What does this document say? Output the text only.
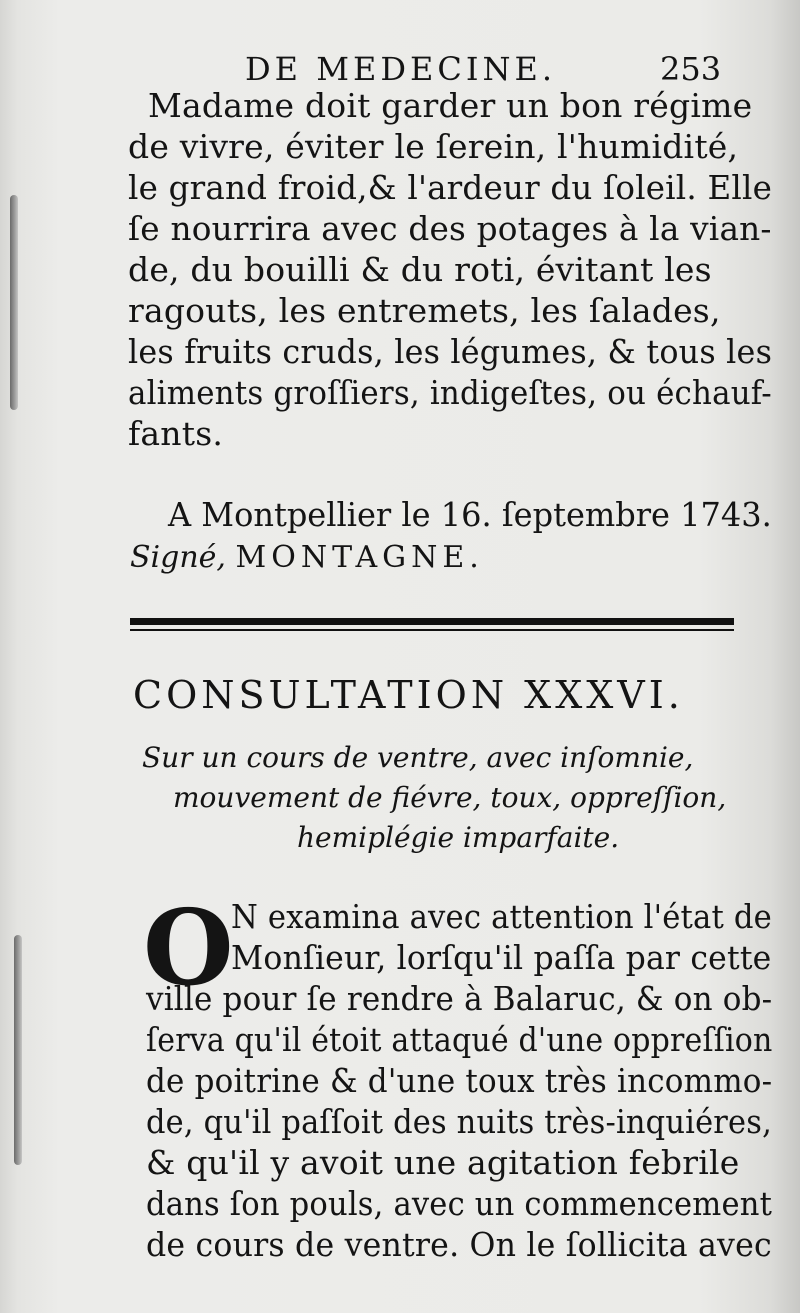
DE MEDECINE.	253
Madame doit garder un bon régime
de vivre, éviter le ſerein, l'humidité,
le grand froid,& l'ardeur du ſoleil. Elle
ſe nourrira avec des potages à la vian-
de, du bouilli & du roti, évitant les
ragouts, les entremets, les ſalades,
les fruits cruds, les légumes, & tous les
aliments groſſiers, indigeſtes, ou échauf-
fants.
A Montpellier le 16. ſeptembre 1743.
Signé, MONTAGNE.
CONSULTATION XXXVI.
Sur un cours de ventre, avec inſomnie,
mouvement de fiévre, toux, oppreſſion,
hemiplégie imparfaite.
O
N examina avec attention l'état de
Monſieur, lorſqu'il paſſa par cette
ville pour ſe rendre à Balaruc, & on ob-
ſerva qu'il étoit attaqué d'une oppreſſion
de poitrine & d'une toux très incommo-
de, qu'il paſſoit des nuits très-inquiéres,
& qu'il y avoit une agitation febrile
dans ſon pouls, avec un commencement
de cours de ventre. On le ſollicita avec
